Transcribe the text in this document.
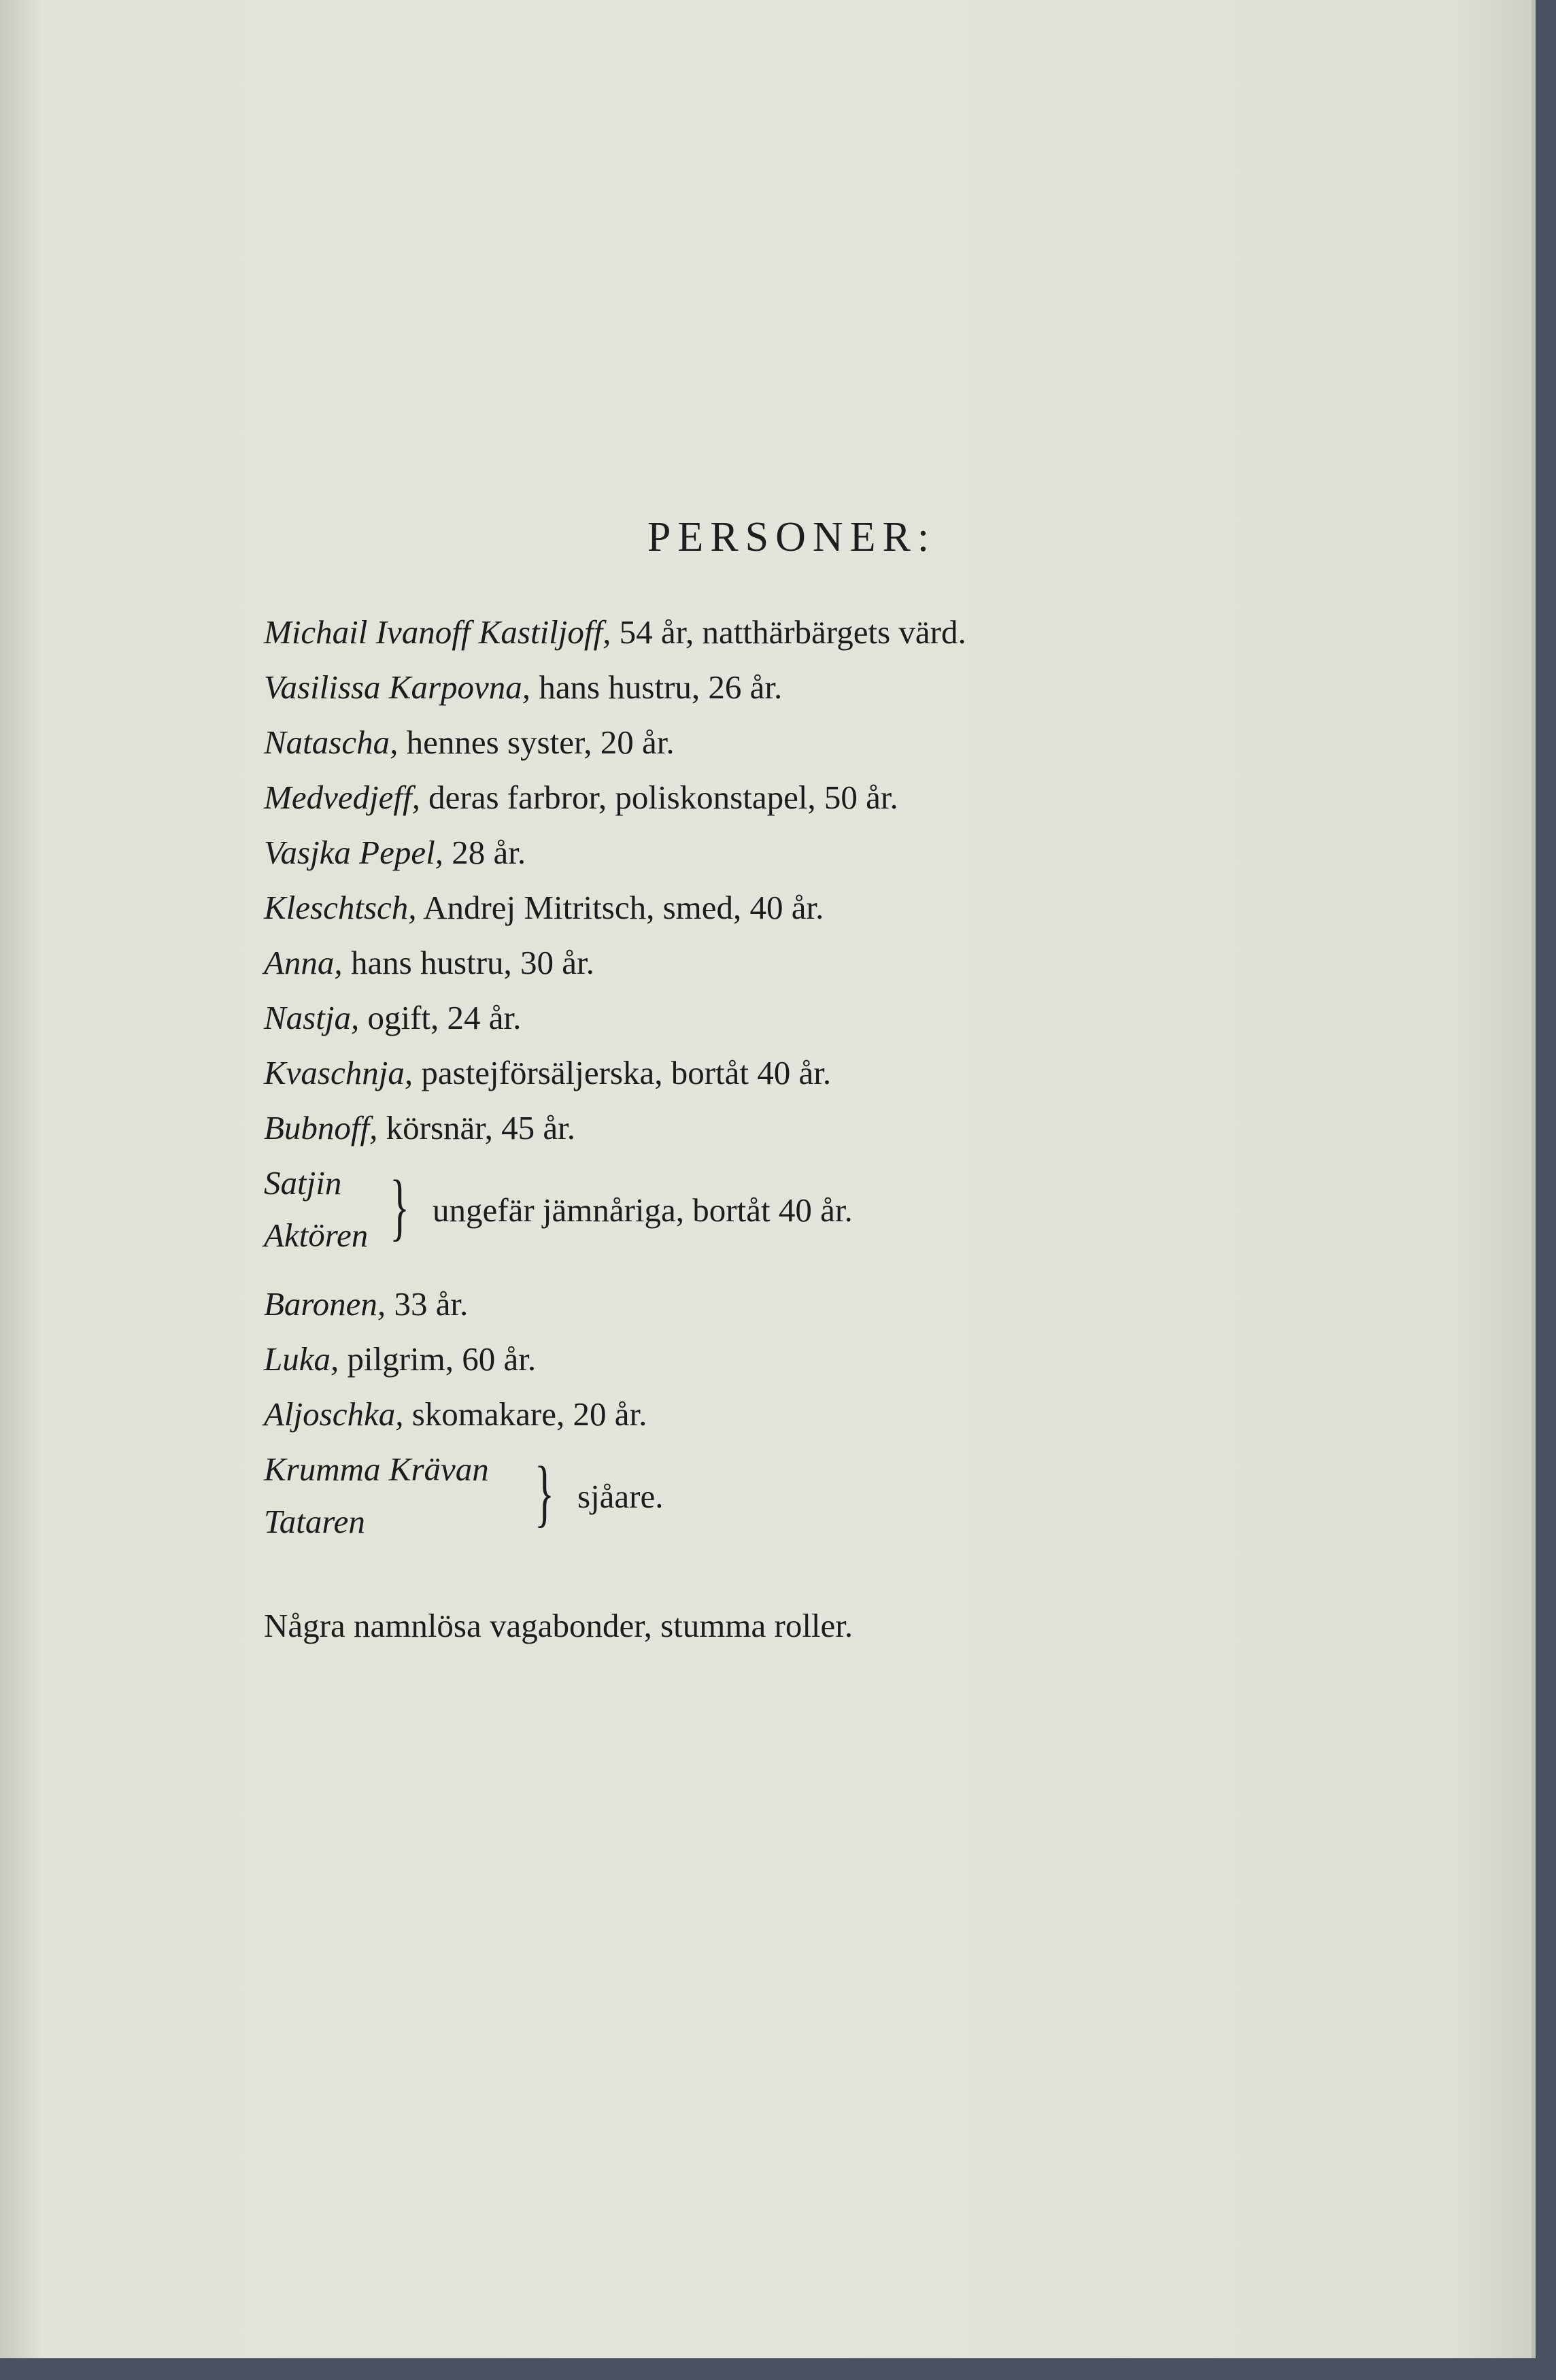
PERSONER:
Michail Ivanoff Kastiljoff, 54 år, natthärbärgets värd.
Vasilissa Karpovna, hans hustru, 26 år.
Natascha, hennes syster, 20 år.
Medvedjeff, deras farbror, poliskonstapel, 50 år.
Vasjka Pepel, 28 år.
Kleschtsch, Andrej Mitritsch, smed, 40 år.
Anna, hans hustru, 30 år.
Nastja, ogift, 24 år.
Kvaschnja, pastejförsäljerska, bortåt 40 år.
Bubnoff, körsnär, 45 år.
Satjin
Aktören } ungefär jämnåriga, bortåt 40 år.
Baronen, 33 år.
Luka, pilgrim, 60 år.
Aljoschka, skomakare, 20 år.
Krumma Krävan
Tataren } sjåare.
Några namnlösa vagabonder, stumma roller.
